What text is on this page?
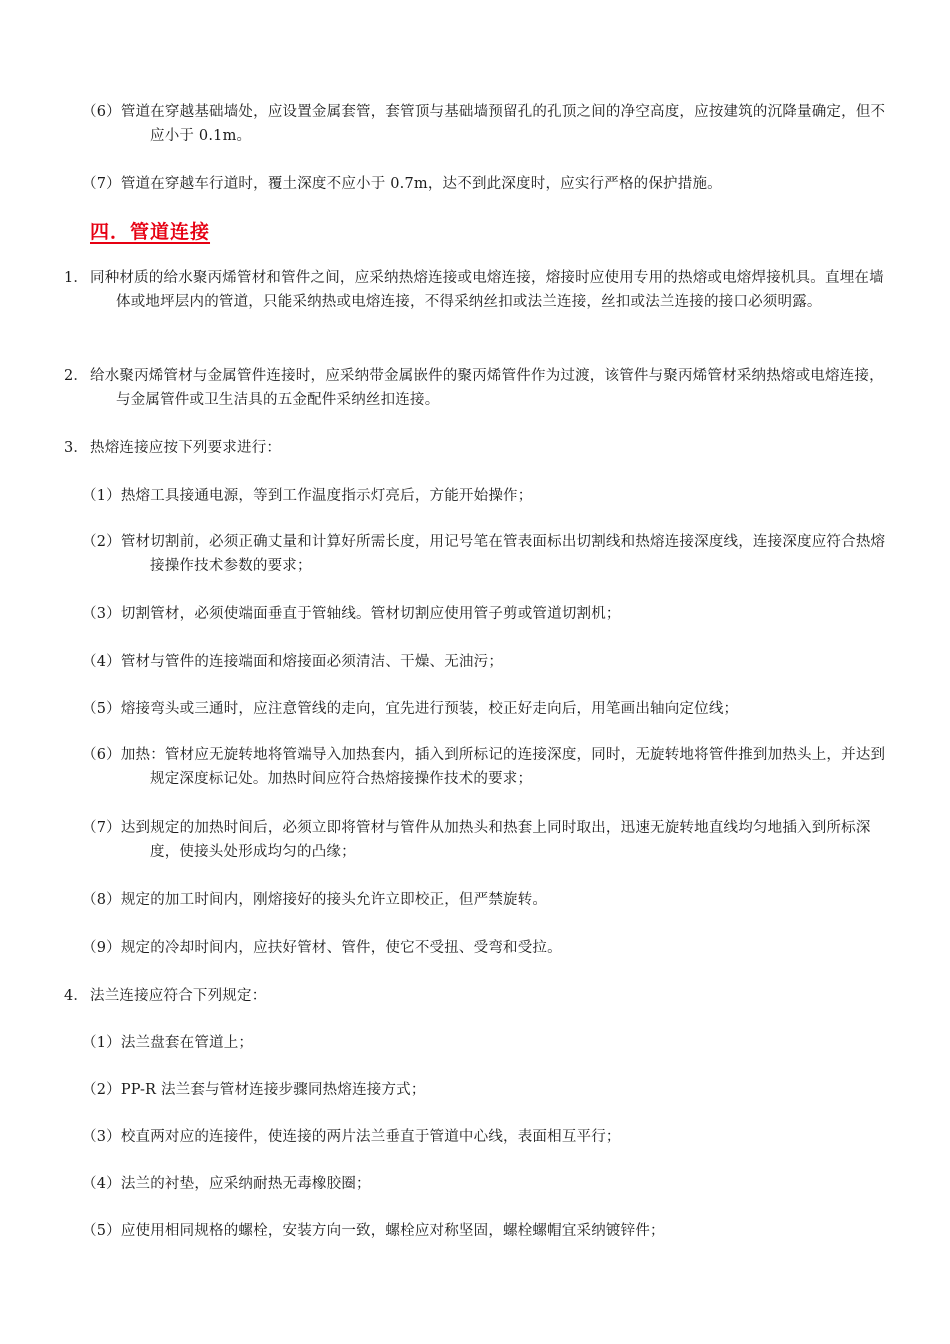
（6）管道在穿越基础墙处，应设置金属套管，套管顶与基础墙预留孔的孔顶之间的净空高度，应按建筑的沉降量确定，但不应小于 0.1m。
（7）管道在穿越车行道时，覆土深度不应小于 0.7m，达不到此深度时，应实行严格的保护措施。
四．管道连接
1． 同种材质的给水聚丙烯管材和管件之间，应采纳热熔连接或电熔连接，熔接时应使用专用的热熔或电熔焊接机具。直埋在墙体或地坪层内的管道，只能采纳热或电熔连接，不得采纳丝扣或法兰连接，丝扣或法兰连接的接口必须明露。
2． 给水聚丙烯管材与金属管件连接时，应采纳带金属嵌件的聚丙烯管件作为过渡，该管件与聚丙烯管材采纳热熔或电熔连接，与金属管件或卫生洁具的五金配件采纳丝扣连接。
3． 热熔连接应按下列要求进行：
（1）热熔工具接通电源，等到工作温度指示灯亮后，方能开始操作；
（2）管材切割前，必须正确丈量和计算好所需长度，用记号笔在管表面标出切割线和热熔连接深度线，连接深度应符合热熔接操作技术参数的要求；
（3）切割管材，必须使端面垂直于管轴线。管材切割应使用管子剪或管道切割机；
（4）管材与管件的连接端面和熔接面必须清洁、干燥、无油污；
（5）熔接弯头或三通时，应注意管线的走向，宜先进行预装，校正好走向后，用笔画出轴向定位线；
（6）加热：管材应无旋转地将管端导入加热套内，插入到所标记的连接深度，同时，无旋转地将管件推到加热头上，并达到规定深度标记处。加热时间应符合热熔接操作技术的要求；
（7）达到规定的加热时间后，必须立即将管材与管件从加热头和热套上同时取出，迅速无旋转地直线均匀地插入到所标深度，使接头处形成均匀的凸缘；
（8）规定的加工时间内，刚熔接好的接头允许立即校正，但严禁旋转。
（9）规定的冷却时间内，应扶好管材、管件，使它不受扭、受弯和受拉。
4． 法兰连接应符合下列规定：
（1）法兰盘套在管道上；
（2）PP-R 法兰套与管材连接步骤同热熔连接方式；
（3）校直两对应的连接件，使连接的两片法兰垂直于管道中心线，表面相互平行；
（4）法兰的衬垫，应采纳耐热无毒橡胶圈；
（5）应使用相同规格的螺栓，安装方向一致，螺栓应对称坚固，螺栓螺帽宜采纳镀锌件；
